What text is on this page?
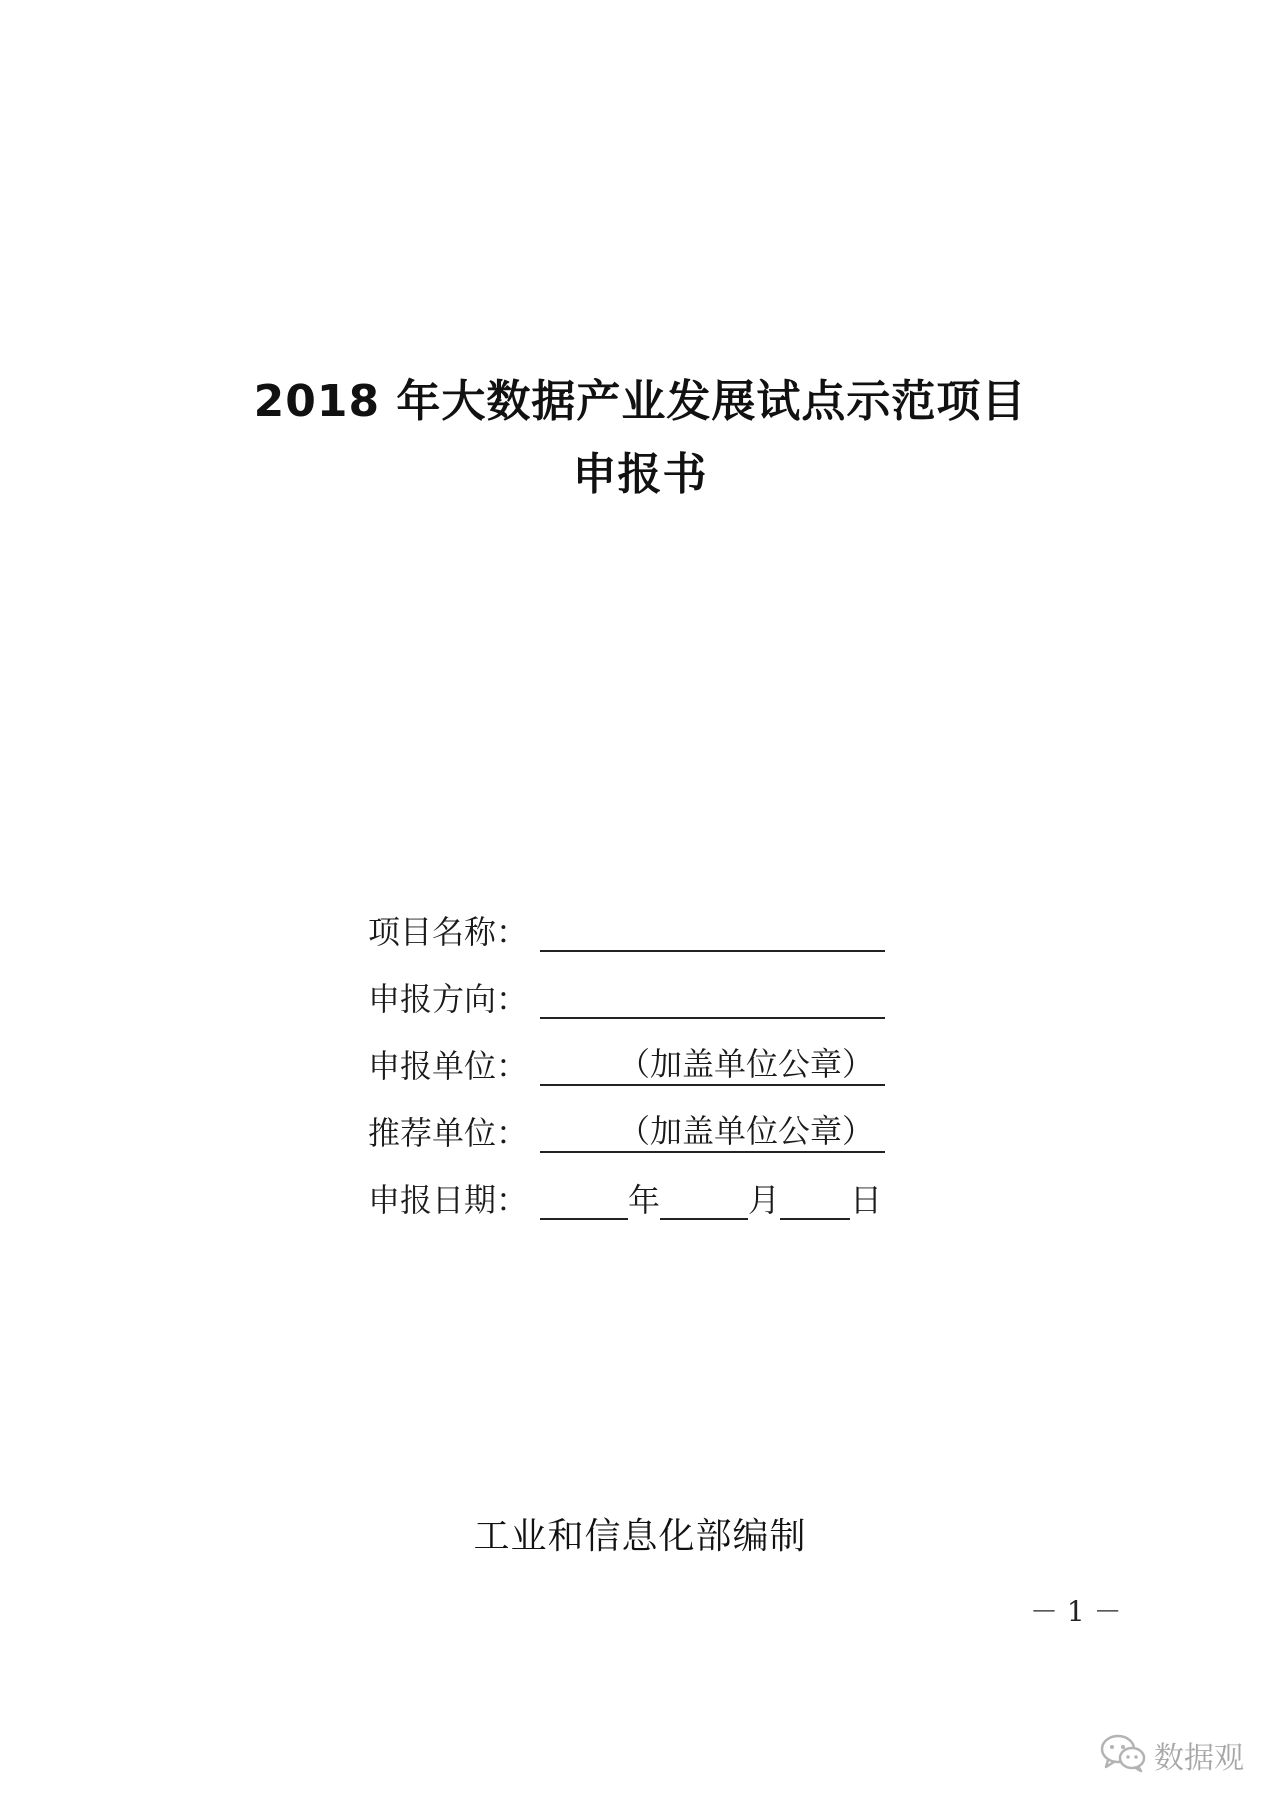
2018 年大数据产业发展试点示范项目
申报书
项目名称：
申报方向：
申报单位：	（加盖单位公章）
推荐单位：	（加盖单位公章）
申报日期：	年	月 日
工业和信息化部编制
－ 1 －
数据观
